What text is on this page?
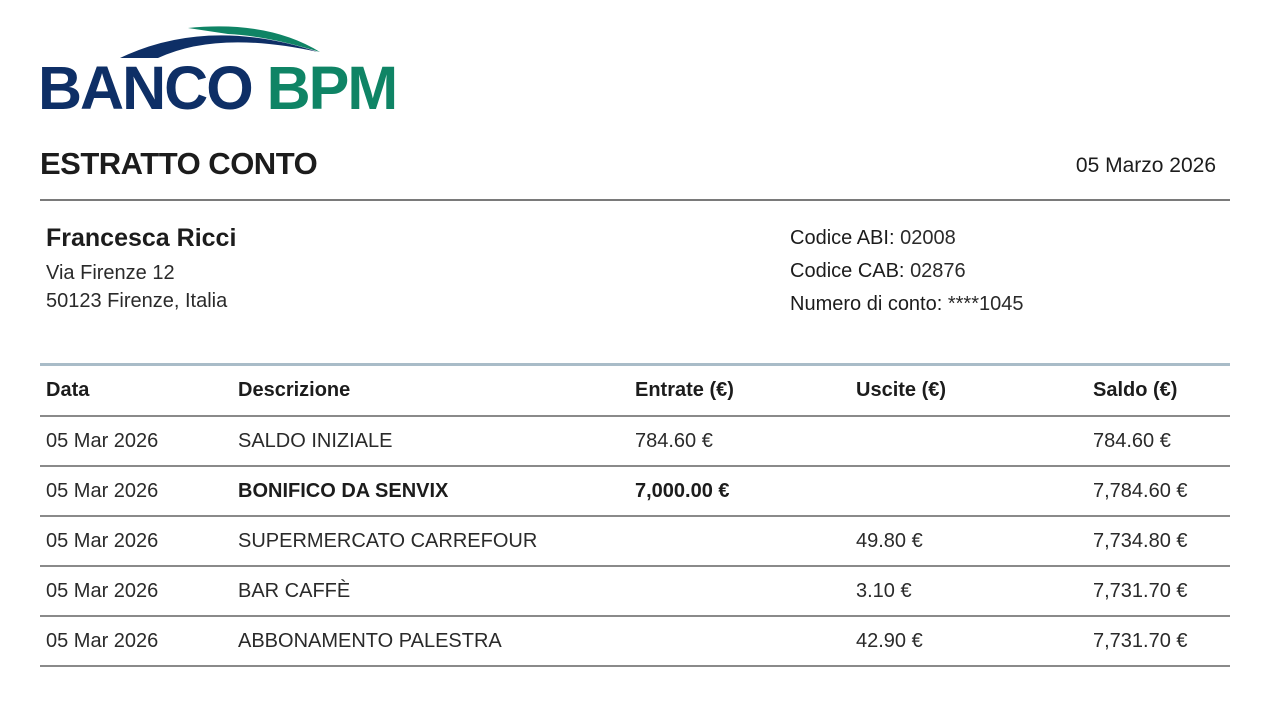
BANCO BPM
ESTRATTO CONTO	05 Marzo 2026
Francesca Ricci
Via Firenze 12
50123 Firenze, Italia
Codice ABI: 02008
Codice CAB: 02876
Numero di conto: ****1045
Data	Descrizione	Entrate (€)	Uscite (€)	Saldo (€)
05 Mar 2026	SALDO INIZIALE	784.60 €		784.60 €
05 Mar 2026	BONIFICO DA SENVIX	7,000.00 €		7,784.60 €
05 Mar 2026	SUPERMERCATO CARREFOUR		49.80 €	7,734.80 €
05 Mar 2026	BAR CAFFÈ		3.10 €	7,731.70 €
05 Mar 2026	ABBONAMENTO PALESTRA		42.90 €	7,731.70 €
